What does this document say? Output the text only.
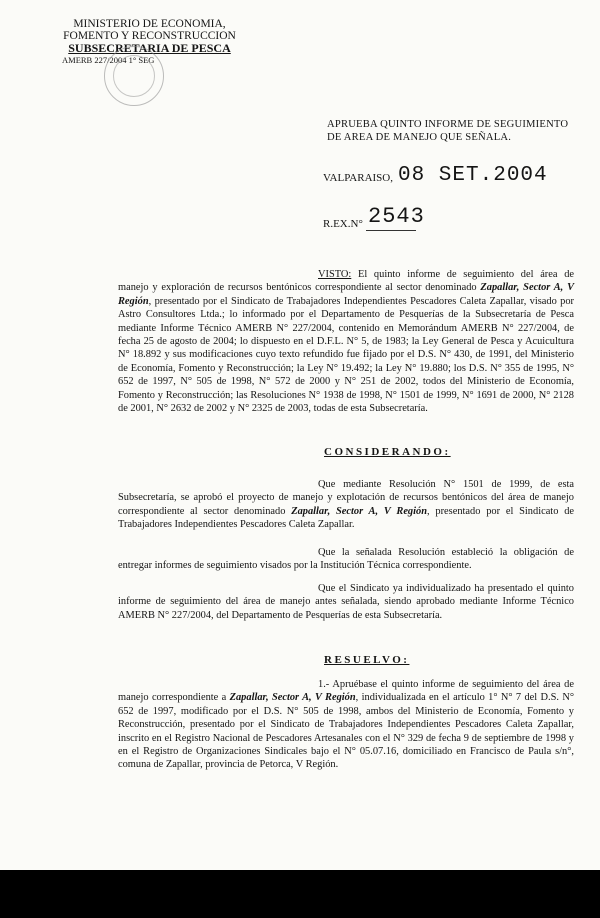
MINISTERIO DE ECONOMIA,
FOMENTO Y RECONSTRUCCION
SUBSECRETARIA DE PESCA
AMERB 227/2004 1° SEG
APRUEBA QUINTO INFORME DE SEGUIMIENTO
DE AREA DE MANEJO QUE SEÑALA.
VALPARAISO, 08 SET.2004
R.EX.N° 2543
VISTO: El quinto informe de seguimiento del área de manejo y exploración de recursos bentónicos correspondiente al sector denominado Zapallar, Sector A, V Región, presentado por el Sindicato de Trabajadores Independientes Pescadores Caleta Zapallar, visado por Astro Consultores Ltda.; lo informado por el Departamento de Pesquerías de la Subsecretaría de Pesca mediante Informe Técnico AMERB N° 227/2004, contenido en Memorándum AMERB N° 227/2004, de fecha 25 de agosto de 2004; lo dispuesto en el D.F.L. N° 5, de 1983; la Ley General de Pesca y Acuicultura N° 18.892 y sus modificaciones cuyo texto refundido fue fijado por el D.S. N° 430, de 1991, del Ministerio de Economía, Fomento y Reconstrucción; la Ley N° 19.492; la Ley N° 19.880; los D.S. N° 355 de 1995, N° 652 de 1997, N° 505 de 1998, N° 572 de 2000 y N° 251 de 2002, todos del Ministerio de Economía, Fomento y Reconstrucción; las Resoluciones N° 1938 de 1998, N° 1501 de 1999, N° 1691 de 2000, N° 2128 de 2001, N° 2632 de 2002 y N° 2325 de 2003, todas de esta Subsecretaría.
CONSIDERANDO:
Que mediante Resolución N° 1501 de 1999, de esta Subsecretaría, se aprobó el proyecto de manejo y explotación de recursos bentónicos del área de manejo correspondiente al sector denominado Zapallar, Sector A, V Región, presentado por el Sindicato de Trabajadores Independientes Pescadores Caleta Zapallar.
Que la señalada Resolución estableció la obligación de entregar informes de seguimiento visados por la Institución Técnica correspondiente.
Que el Sindicato ya individualizado ha presentado el quinto informe de seguimiento del área de manejo antes señalada, siendo aprobado mediante Informe Técnico AMERB N° 227/2004, del Departamento de Pesquerías de esta Subsecretaría.
RESUELVO:
1.- Apruébase el quinto informe de seguimiento del área de manejo correspondiente a Zapallar, Sector A, V Región, individualizada en el artículo 1° N° 7 del D.S. N° 652 de 1997, modificado por el D.S. N° 505 de 1998, ambos del Ministerio de Economía, Fomento y Reconstrucción, presentado por el Sindicato de Trabajadores Independientes Pescadores Caleta Zapallar, inscrito en el Registro Nacional de Pescadores Artesanales con el N° 329 de fecha 9 de septiembre de 1998 y en el Registro de Organizaciones Sindicales bajo el N° 05.07.16, domiciliado en Francisco de Paula s/n°, comuna de Zapallar, provincia de Petorca, V Región.
